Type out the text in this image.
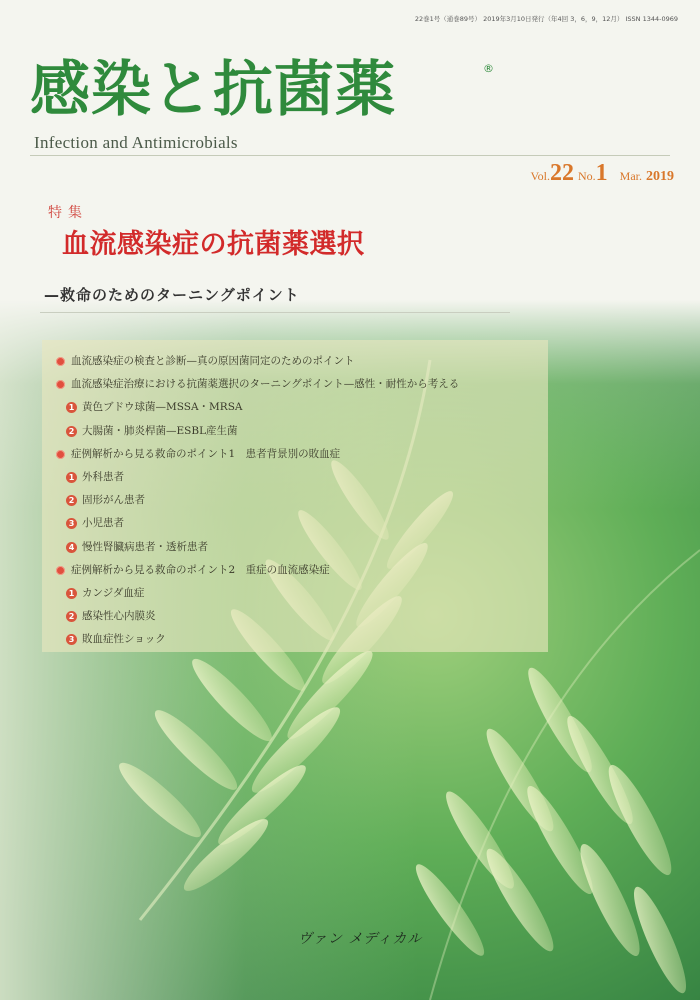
22巻1号（通巻89号） 2019年3月10日発行（年4回 3，6，9，12月） ISSN 1344-0969
感染と抗菌薬	®
Infection and Antimicrobials
Vol.22 No.1 Mar. 2019
特集
血流感染症の抗菌薬選択
—救命のためのターニングポイント
血流感染症の検査と診断—真の原因菌同定のためのポイント
血流感染症治療における抗菌薬選択のターニングポイント—感性・耐性から考える
1 黄色ブドウ球菌—MSSA・MRSA
2 大腸菌・肺炎桿菌—ESBL産生菌
症例解析から見る救命のポイント1　患者背景別の敗血症
1 外科患者
2 固形がん患者
3 小児患者
4 慢性腎臓病患者・透析患者
症例解析から見る救命のポイント2　重症の血流感染症
1 カンジダ血症
2 感染性心内膜炎
3 敗血症性ショック
ヴァン メディカル
